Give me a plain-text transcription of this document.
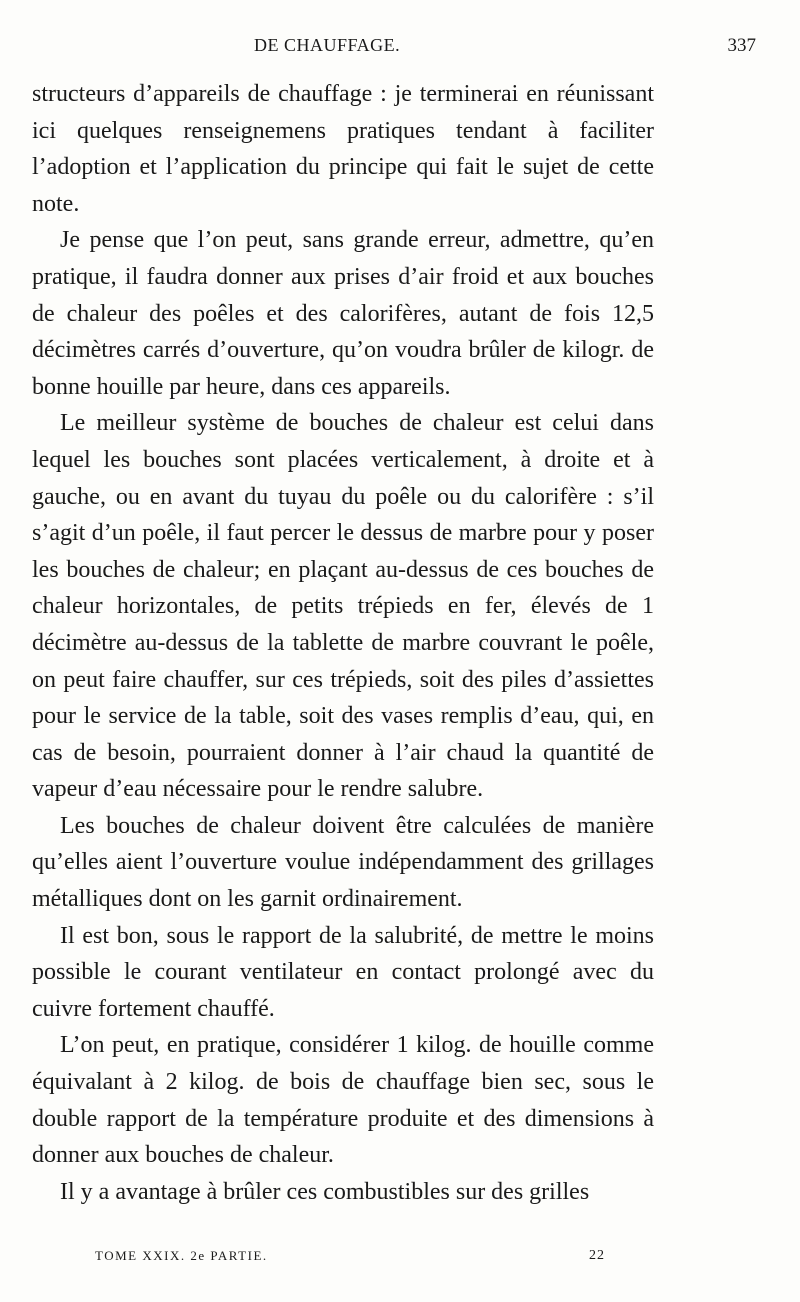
DE CHAUFFAGE.	337

structeurs d’appareils de chauffage : je terminerai en réunissant ici quelques renseignemens pratiques tendant à faciliter l’adoption et l’application du principe qui fait le sujet de cette note.

Je pense que l’on peut, sans grande erreur, admettre, qu’en pratique, il faudra donner aux prises d’air froid et aux bouches de chaleur des poêles et des calorifères, autant de fois 12,5 décimètres carrés d’ouverture, qu’on voudra brûler de kilogr. de bonne houille par heure, dans ces appareils.

Le meilleur système de bouches de chaleur est celui dans lequel les bouches sont placées verticalement, à droite et à gauche, ou en avant du tuyau du poêle ou du calorifère : s’il s’agit d’un poêle, il faut percer le dessus de marbre pour y poser les bouches de chaleur; en plaçant au-dessus de ces bouches de chaleur horizontales, de petits trépieds en fer, élevés de 1 décimètre au-dessus de la tablette de marbre couvrant le poêle, on peut faire chauffer, sur ces trépieds, soit des piles d’assiettes pour le service de la table, soit des vases remplis d’eau, qui, en cas de besoin, pourraient donner à l’air chaud la quantité de vapeur d’eau nécessaire pour le rendre salubre.

Les bouches de chaleur doivent être calculées de manière qu’elles aient l’ouverture voulue indépendamment des grillages métalliques dont on les garnit ordinairement.

Il est bon, sous le rapport de la salubrité, de mettre le moins possible le courant ventilateur en contact prolongé avec du cuivre fortement chauffé.

L’on peut, en pratique, considérer 1 kilog. de houille comme équivalant à 2 kilog. de bois de chauffage bien sec, sous le double rapport de la température produite et des dimensions à donner aux bouches de chaleur.

Il y a avantage à brûler ces combustibles sur des grilles

TOME XXIX. 2e PARTIE.	22
